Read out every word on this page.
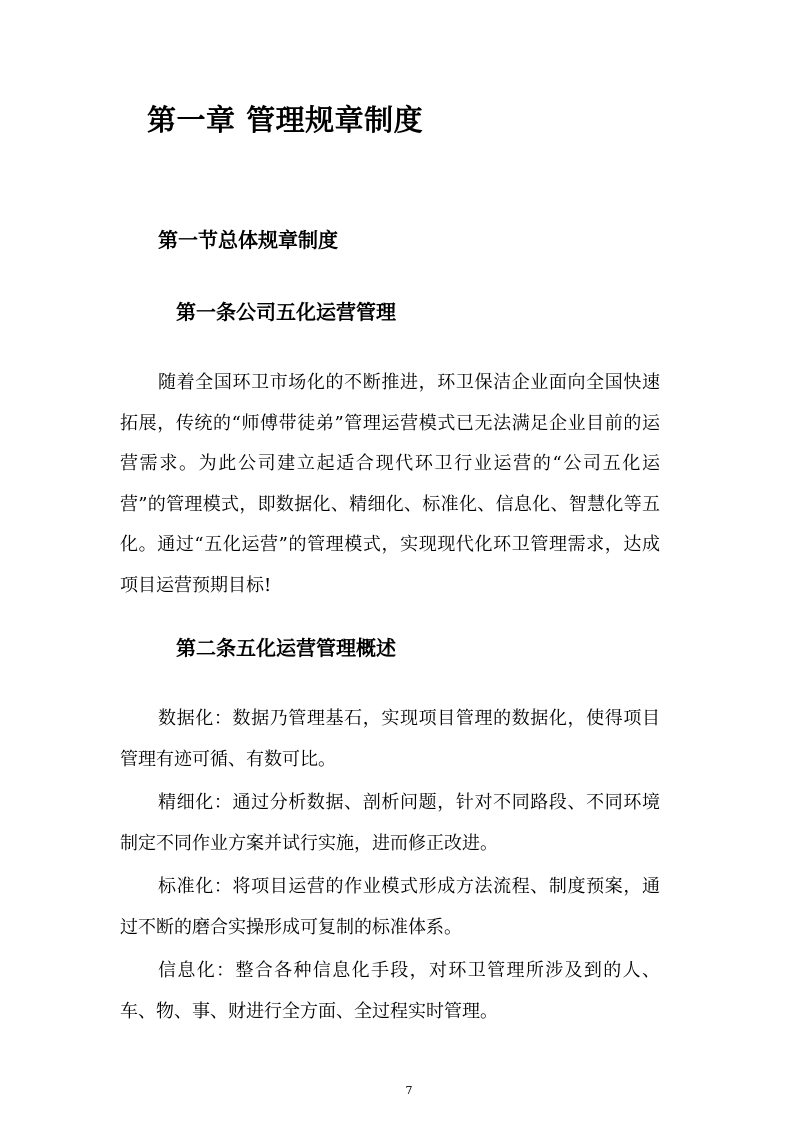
第一章 管理规章制度
第一节总体规章制度
第一条公司五化运营管理

随着全国环卫市场化的不断推进，环卫保洁企业面向全国快速拓展，传统的“师傅带徒弟”管理运营模式已无法满足企业目前的运营需求。为此公司建立起适合现代环卫行业运营的“公司五化运营”的管理模式，即数据化、精细化、标准化、信息化、智慧化等五化。通过“五化运营”的管理模式，实现现代化环卫管理需求，达成项目运营预期目标!

第二条五化运营管理概述

数据化：数据乃管理基石，实现项目管理的数据化，使得项目管理有迹可循、有数可比。

精细化：通过分析数据、剖析问题，针对不同路段、不同环境制定不同作业方案并试行实施，进而修正改进。

标准化：将项目运营的作业模式形成方法流程、制度预案，通过不断的磨合实操形成可复制的标准体系。

信息化：整合各种信息化手段，对环卫管理所涉及到的人、车、物、事、财进行全方面、全过程实时管理。

7
